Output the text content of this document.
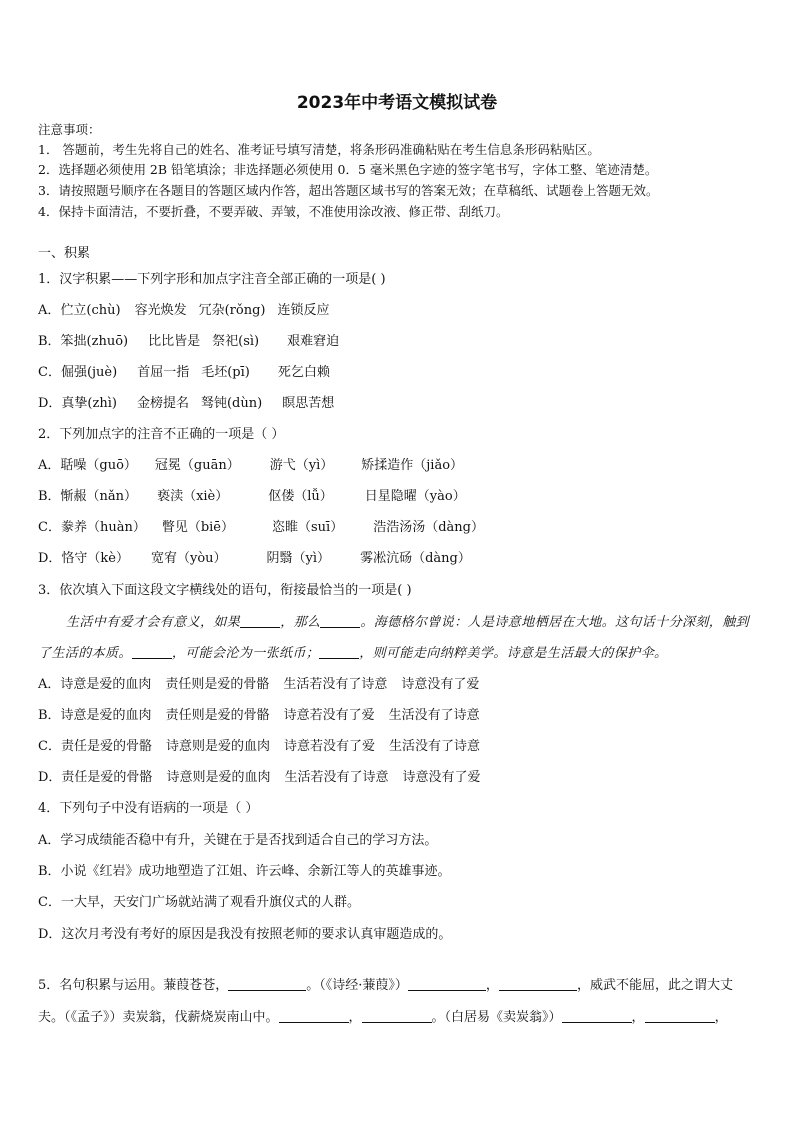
2023年中考语文模拟试卷
注意事项：
1． 答题前，考生先将自己的姓名、准考证号填写清楚，将条形码准确粘贴在考生信息条形码粘贴区。
2．选择题必须使用 2B 铅笔填涂；非选择题必须使用 0．5 毫米黑色字迹的签字笔书写，字体工整、笔迹清楚。
3．请按照题号顺序在各题目的答题区域内作答，超出答题区域书写的答案无效；在草稿纸、试题卷上答题无效。
4．保持卡面清洁，不要折叠，不要弄破、弄皱，不准使用涂改液、修正带、刮纸刀。
一、积累
1．汉字积累——下列字形和加点字注音全部正确的一项是( )
A．伫立(chù) 容光焕发 冗杂(rǒng) 连锁反应
B．笨拙(zhuō) 比比皆是 祭祀(sì) 艰难窘迫
C．倔强(juè) 首屈一指 毛坯(pī) 死乞白赖
D．真挚(zhì) 金榜提名 驽钝(dùn) 瞑思苦想
2．下列加点字的注音不正确的一项是（ ）
A．聒噪（guō） 冠冕（guān） 游弋（yì） 矫揉造作（jiǎo）
B．惭赧（nǎn） 亵渎（xiè）	伛偻（lǚ） 日星隐曜（yào）
C．豢养（huàn） 瞥见（biē）	恣睢（suī） 浩浩汤汤（dàng）
D．恪守（kè） 宽宥（yòu）	阴翳（yì） 雾凇沆砀（dàng）
3．依次填入下面这段文字横线处的语句，衔接最恰当的一项是( )
生活中有爱才会有意义，如果	，那么	。海德格尔曾说：人是诗意地栖居在大地。这句话十分深刻，触到
了生活的本质。	，可能会沦为一张纸币；	，则可能走向纳粹美学。诗意是生活最大的保护伞。
A．诗意是爱的血肉 责任则是爱的骨骼 生活若没有了诗意 诗意没有了爱
B．诗意是爱的血肉 责任则是爱的骨骼 诗意若没有了爱 生活没有了诗意
C．责任是爱的骨骼 诗意则是爱的血肉 诗意若没有了爱 生活没有了诗意
D．责任是爱的骨骼 诗意则是爱的血肉 生活若没有了诗意 诗意没有了爱
4．下列句子中没有语病的一项是（ ）
A．学习成绩能否稳中有升，关键在于是否找到适合自己的学习方法。
B．小说《红岩》成功地塑造了江姐、许云峰、余新江等人的英雄事迹。
C．一大早，天安门广场就站满了观看升旗仪式的人群。
D．这次月考没有考好的原因是我没有按照老师的要求认真审题造成的。
5．名句积累与运用。蒹葭苍苍，	。（《诗经·蒹葭》）	，	，威武不能屈，此之谓大丈
夫。（《孟子》）卖炭翁，伐薪烧炭南山中。	，	。（白居易《卖炭翁》）	，	，
